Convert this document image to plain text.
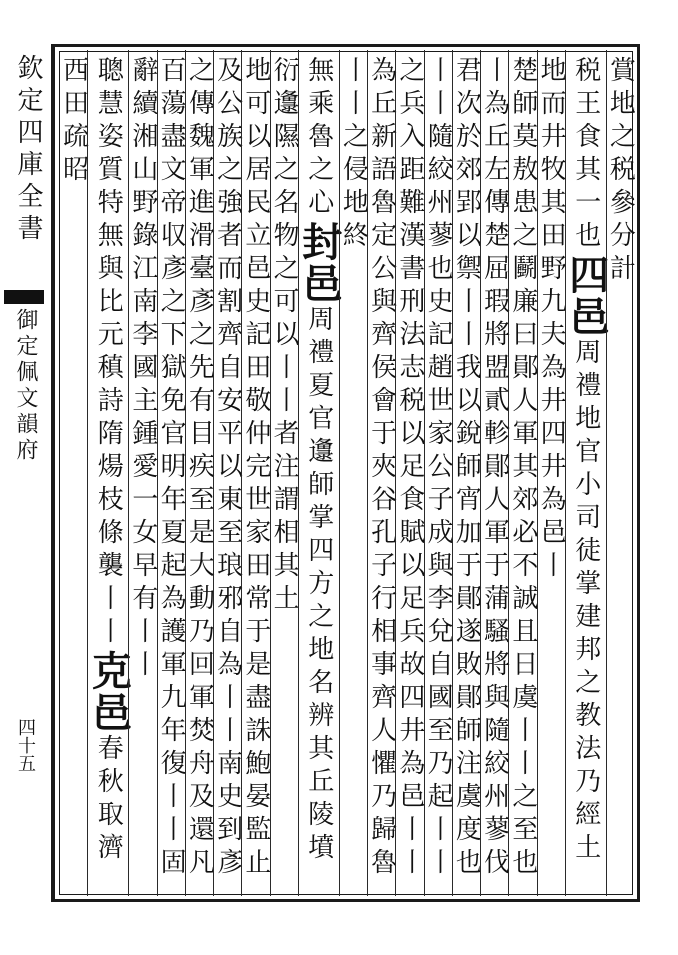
欽定四庫全書

御定佩文韻府

四十五

賞地之税參分計

税王食其一也四邑周禮地官小司徒掌建邦之教法乃經土

地而井牧其田野九夫為井四井為邑丨

楚師莫敖患之鬬廉曰鄖人軍其郊必不誠且日虞丨丨之至也

丨為丘左傳楚屈瑕將盟貳軫鄖人軍于蒲騷將與隨絞州蓼伐

君次於郊郢以禦丨丨我以銳師宵加于鄖遂敗鄖師注虞度也

丨丨隨絞州蓼也史記趙世家公子成與李兌自國至乃起丨丨

之兵入距難漢書刑法志税以足食賦以足兵故四井為邑丨丨

為丘新語魯定公與齊侯會于夾谷孔子行相事齊人懼乃歸魯

丨丨之侵地終

無乘魯之心封邑周禮夏官邍師掌四方之地名辨其丘陵墳

衍邍隰之名物之可以丨丨者注謂相其土

地可以居民立邑史記田敬仲完世家田常于是盡誅鮑晏監止

及公族之強者而割齊自安平以東至琅邪自為丨丨南史到彥

之傳魏軍進滑臺彥之先有目疾至是大動乃回軍焚舟及還凡

百蕩盡文帝収彥之下獄免官明年夏起為護軍九年復丨丨固

辭續湘山野錄江南李國主鍾愛一女早有丨丨

聰慧姿質特無與比元稹詩隋煬枝條襲丨丨克邑春秋取濟

西田疏昭
